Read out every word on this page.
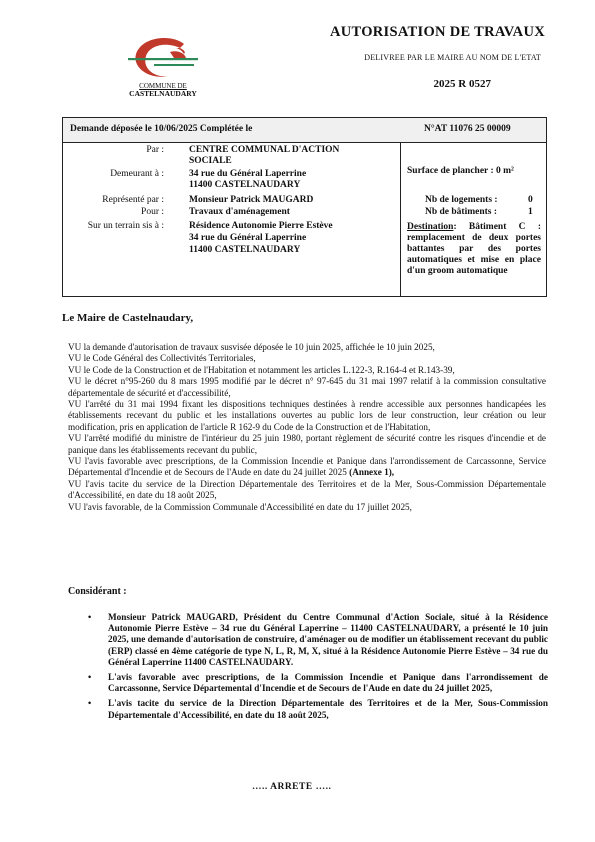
COMMUNE DE
CASTELNAUDARY
AUTORISATION DE TRAVAUX
DELIVREE PAR LE MAIRE AU NOM DE L'ETAT
2025 R 0527
Demande déposée le 10/06/2025 Complétée le	N°AT 11076 25 00009
Par :	CENTRE COMMUNAL D'ACTION
SOCIALE
Demeurant à :	34 rue du Général Laperrine
11400 CASTELNAUDARY
Représenté par :	Monsieur Patrick MAUGARD
Pour :	Travaux d'aménagement
Sur un terrain sis à :	Résidence Autonomie Pierre Estève
34 rue du Général Laperrine
11400 CASTELNAUDARY
Surface de plancher : 0 m²
Nb de logements :	0
Nb de bâtiments :	1
Destination: Bâtiment C : remplacement de deux portes battantes par des portes automatiques et mise en place d'un groom automatique
Le Maire de Castelnaudary,

VU la demande d'autorisation de travaux susvisée déposée le 10 juin 2025, affichée le 10 juin 2025,

VU le Code Général des Collectivités Territoriales,

VU le Code de la Construction et de l'Habitation et notamment les articles L.122-3, R.164-4 et R.143-39,

VU le décret n°95-260 du 8 mars 1995 modifié par le décret n° 97-645 du 31 mai 1997 relatif à la commission consultative départementale de sécurité et d'accessibilité,

VU l'arrêté du 31 mai 1994 fixant les dispositions techniques destinées à rendre accessible aux personnes handicapées les établissements recevant du public et les installations ouvertes au public lors de leur construction, leur création ou leur modification, pris en application de l'article R 162-9 du Code de la Construction et de l'Habitation,

VU l'arrêté modifié du ministre de l'intérieur du 25 juin 1980, portant règlement de sécurité contre les risques d'incendie et de panique dans les établissements recevant du public,

VU l'avis favorable avec prescriptions, de la Commission Incendie et Panique dans l'arrondissement de Carcassonne, Service Départemental d'Incendie et de Secours de l'Aude en date du 24 juillet 2025 (Annexe 1),

VU l'avis tacite du service de la Direction Départementale des Territoires et de la Mer, Sous-Commission Départementale d'Accessibilité, en date du 18 août 2025,

VU l'avis favorable, de la Commission Communale d'Accessibilité en date du 17 juillet 2025,

Considérant :
• Monsieur Patrick MAUGARD, Président du Centre Communal d'Action Sociale, situé à la Résidence Autonomie Pierre Estève – 34 rue du Général Laperrine – 11400 CASTELNAUDARY, a présenté le 10 juin 2025, une demande d'autorisation de construire, d'aménager ou de modifier un établissement recevant du public (ERP) classé en 4ème catégorie de type N, L, R, M, X, situé à la Résidence Autonomie Pierre Estève – 34 rue du Général Laperrine 11400 CASTELNAUDARY.
• L'avis favorable avec prescriptions, de la Commission Incendie et Panique dans l'arrondissement de Carcassonne, Service Départemental d'Incendie et de Secours de l'Aude en date du 24 juillet 2025,
• L'avis tacite du service de la Direction Départementale des Territoires et de la Mer, Sous-Commission Départementale d'Accessibilité, en date du 18 août 2025,
….. ARRETE …..
